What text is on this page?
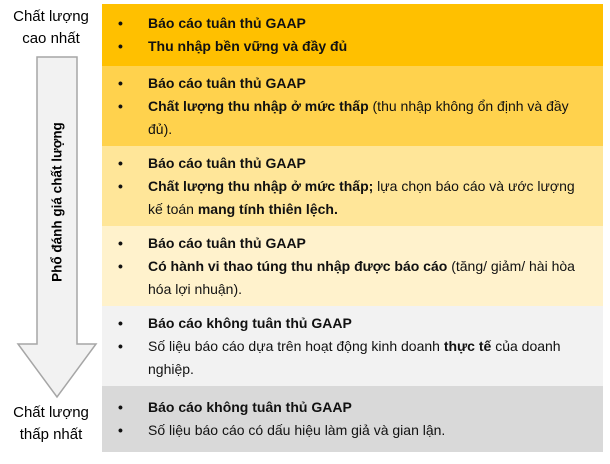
Chất lượng
cao nhất
Phổ đánh giá chất lượng
Chất lượng
thấp nhất
•	Báo cáo tuân thủ GAAP
•	Thu nhập bền vững và đầy đủ
•	Báo cáo tuân thủ GAAP
•	Chất lượng thu nhập ở mức thấp (thu nhập không ổn định và đầy đủ).
•	Báo cáo tuân thủ GAAP
•	Chất lượng thu nhập ở mức thấp; lựa chọn báo cáo và ước lượng kế toán mang tính thiên lệch.
•	Báo cáo tuân thủ GAAP
•	Có hành vi thao túng thu nhập được báo cáo (tăng/ giảm/ hài hòa hóa lợi nhuận).
•	Báo cáo không tuân thủ GAAP
•	Số liệu báo cáo dựa trên hoạt động kinh doanh thực tế của doanh nghiệp.
•	Báo cáo không tuân thủ GAAP
•	Số liệu báo cáo có dấu hiệu làm giả và gian lận.
